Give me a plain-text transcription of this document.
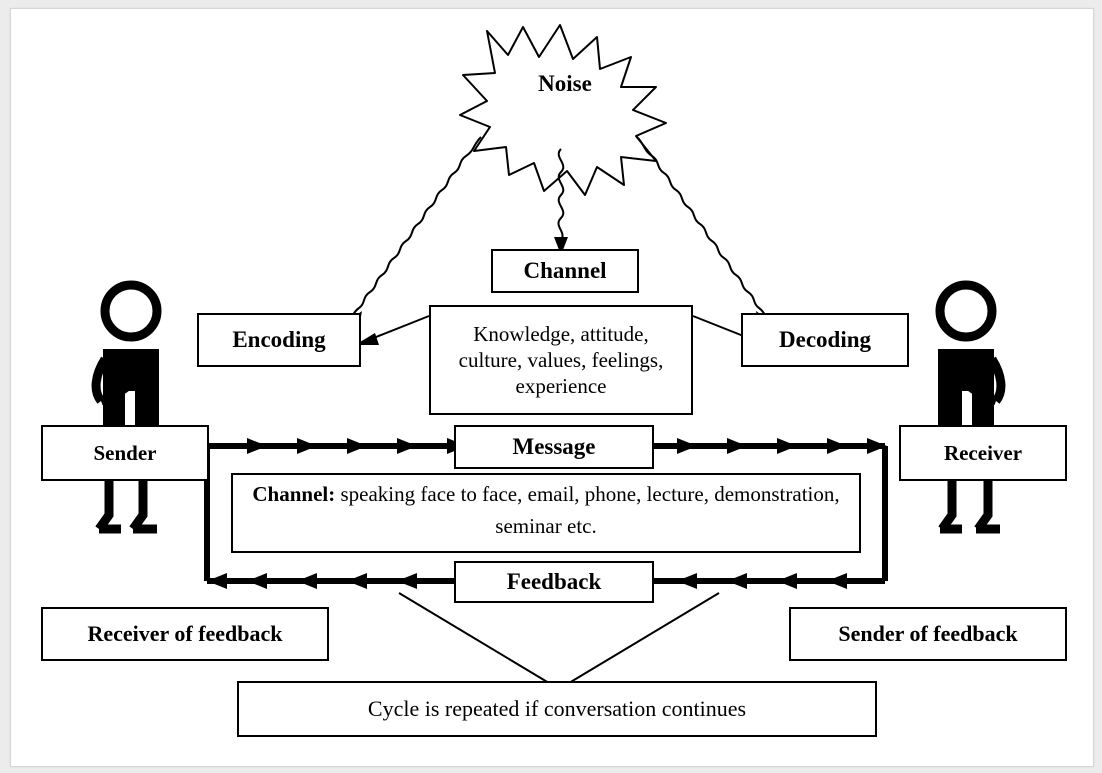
Noise
Channel
Encoding	Decoding
Knowledge, attitude, culture, values, feelings, experience
Sender	Receiver
Message
Channel: speaking face to face, email, phone, lecture, demonstration, seminar etc.
Feedback
Receiver of feedback	Sender of feedback
Cycle is repeated if conversation continues
